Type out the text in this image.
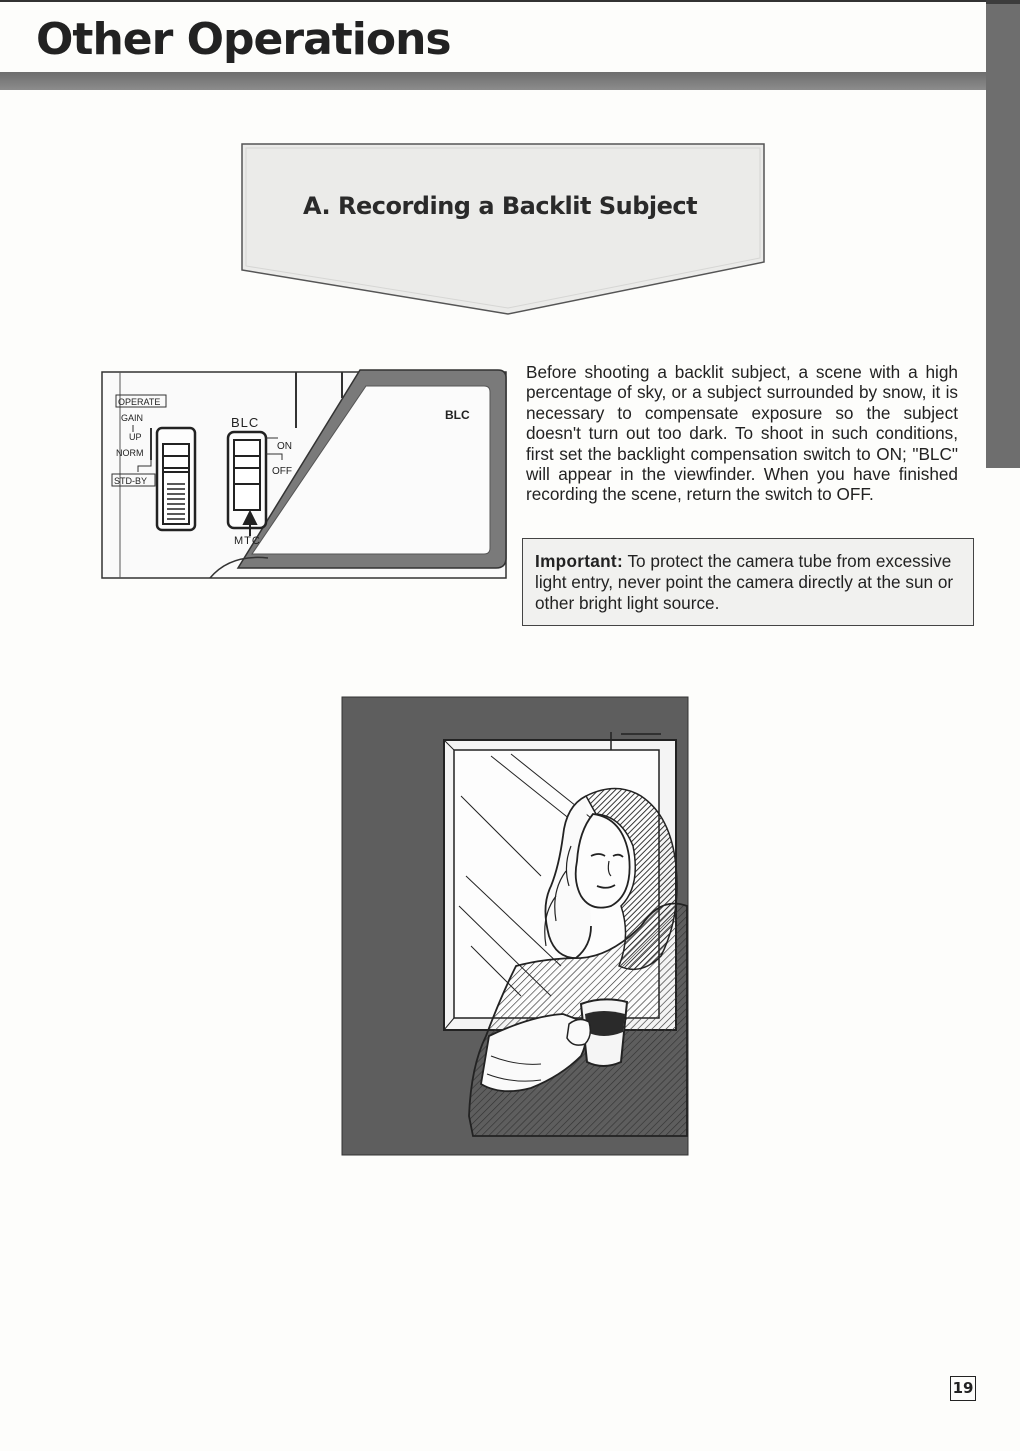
Other Operations
A. Recording a Backlit Subject
BLC
OPERATE
GAIN
UP
NORM
STD-BY
BLC
ON
OFF
MTC

Before shooting a backlit subject, a scene with a high percentage of sky, or a subject surrounded by snow, it is necessary to compensate exposure so the subject doesn't turn out too dark. To shoot in such conditions, first set the backlight compensation switch to ON; "BLC" will appear in the viewfinder. When you have finished recording the scene, return the switch to OFF.

Important: To protect the camera tube from excessive light entry, never point the camera directly at the sun or other bright light source.

19
